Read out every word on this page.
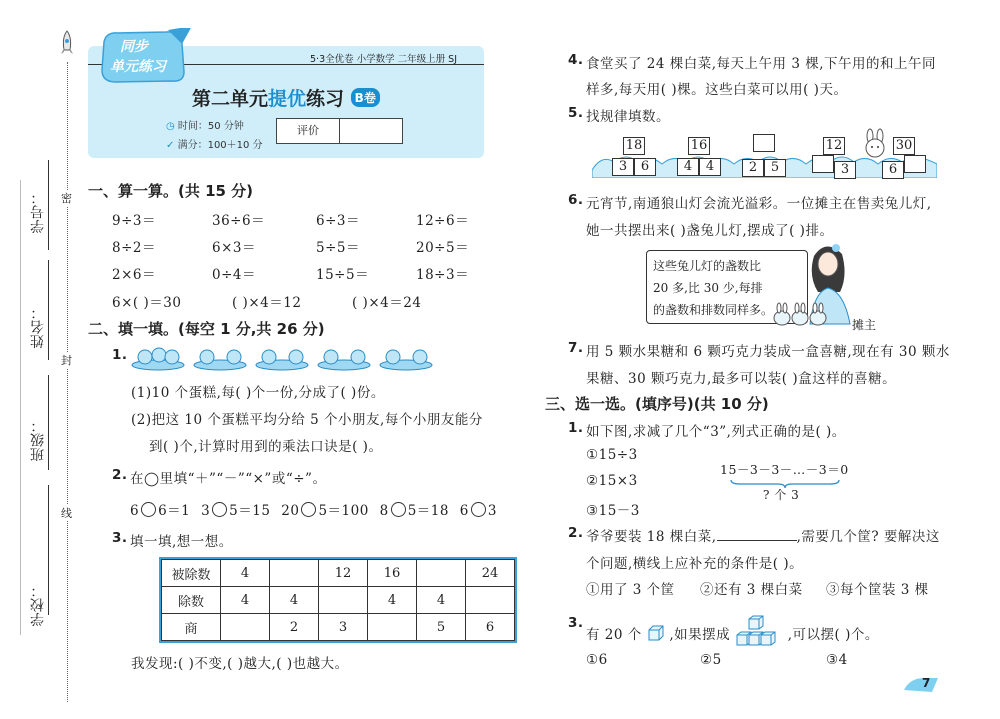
学号：
姓名：
班级：
学校：
密
封
线
5·3全优卷 小学数学 二年级上册 SJ
同步
单元练习
第二单元提优练习 B卷
◷ 时间：50 分钟
✓ 满分：100＋10 分
评价
一、算一算。(共 15 分)
9÷3＝	36÷6＝	6÷3＝	12÷6＝
8÷2＝	6×3＝	5÷5＝	20÷5＝
2×6＝	0÷4＝	15÷5＝	18÷3＝
6×( )＝30	( )×4＝12	( )×4＝24
二、填一填。(每空 1 分,共 26 分)
1.
(1)10 个蛋糕,每( )个一份,分成了( )份。
(2)把这 10 个蛋糕平均分给 5 个小朋友,每个小朋友能分
到( )个,计算时用到的乘法口诀是( )。
2. 在◯里填“＋”“－”“×”或“÷”。
6 6＝1 3 5＝15 20 5＝100 8 5＝18 6 3
3. 填一填,想一想。
被除数	4		12	16		24
除数	4	4		4	4	
商		2	3		5	6
我发现:( )不变,( )越大,( )也越大。
4. 食堂买了 24 棵白菜,每天上午用 3 棵,下午用的和上午同
样多,每天用( )棵。这些白菜可以用( )天。
5. 找规律填数。
18
3 6
16
4 4	2 5
12
3
30
6
6. 元宵节,南通狼山灯会流光溢彩。一位摊主在售卖兔儿灯,
她一共摆出来( )盏兔儿灯,摆成了( )排。
这些兔儿灯的盏数比
20 多,比 30 少,每排
的盏数和排数同样多。
摊主
7. 用 5 颗水果糖和 6 颗巧克力装成一盒喜糖,现在有 30 颗水
果糖、30 颗巧克力,最多可以装( )盒这样的喜糖。
三、选一选。(填序号)(共 10 分)
1. 如下图,求减了几个“3”,列式正确的是( )。
①15÷3
②15×3
③15－3
15－3－3－…－3＝0
? 个 3
2. 爷爷要装 18 棵白菜,	,需要几个筐? 要解决这
个问题,横线上应补充的条件是( )。
①用了 3 个筐 ②还有 3 棵白菜 ③每个筐装 3 棵
3.
有 20 个 ,如果摆成	,可以摆( )个。
①6	②5	③4
7
